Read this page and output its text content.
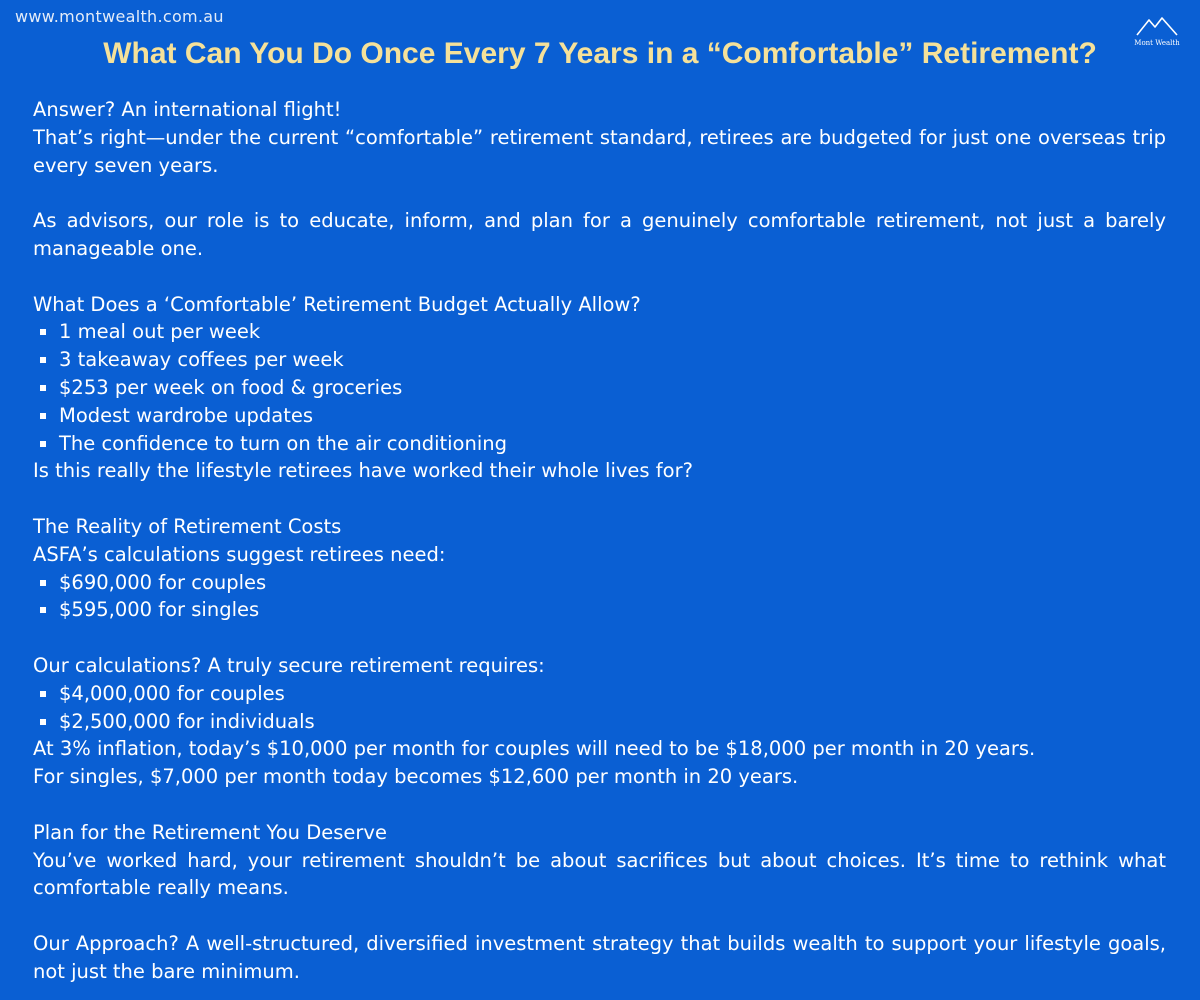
www.montwealth.com.au
Mont Wealth
What Can You Do Once Every 7 Years in a “Comfortable” Retirement?

Answer? An international flight!

That’s right—under the current “comfortable” retirement standard, retirees are budgeted for just one overseas trip every seven years.

As advisors, our role is to educate, inform, and plan for a genuinely comfortable retirement, not just a barely manageable one.

What Does a ‘Comfortable’ Retirement Budget Actually Allow?

1 meal out per week
3 takeaway coffees per week
$253 per week on food & groceries
Modest wardrobe updates
The confidence to turn on the air conditioning

Is this really the lifestyle retirees have worked their whole lives for?

The Reality of Retirement Costs

ASFA’s calculations suggest retirees need:

$690,000 for couples
$595,000 for singles

Our calculations? A truly secure retirement requires:

$4,000,000 for couples
$2,500,000 for individuals

At 3% inflation, today’s $10,000 per month for couples will need to be $18,000 per month in 20 years.

For singles, $7,000 per month today becomes $12,600 per month in 20 years.

Plan for the Retirement You Deserve

You’ve worked hard, your retirement shouldn’t be about sacrifices but about choices. It’s time to rethink what comfortable really means.

Our Approach? A well-structured, diversified investment strategy that builds wealth to support your lifestyle goals, not just the bare minimum.
